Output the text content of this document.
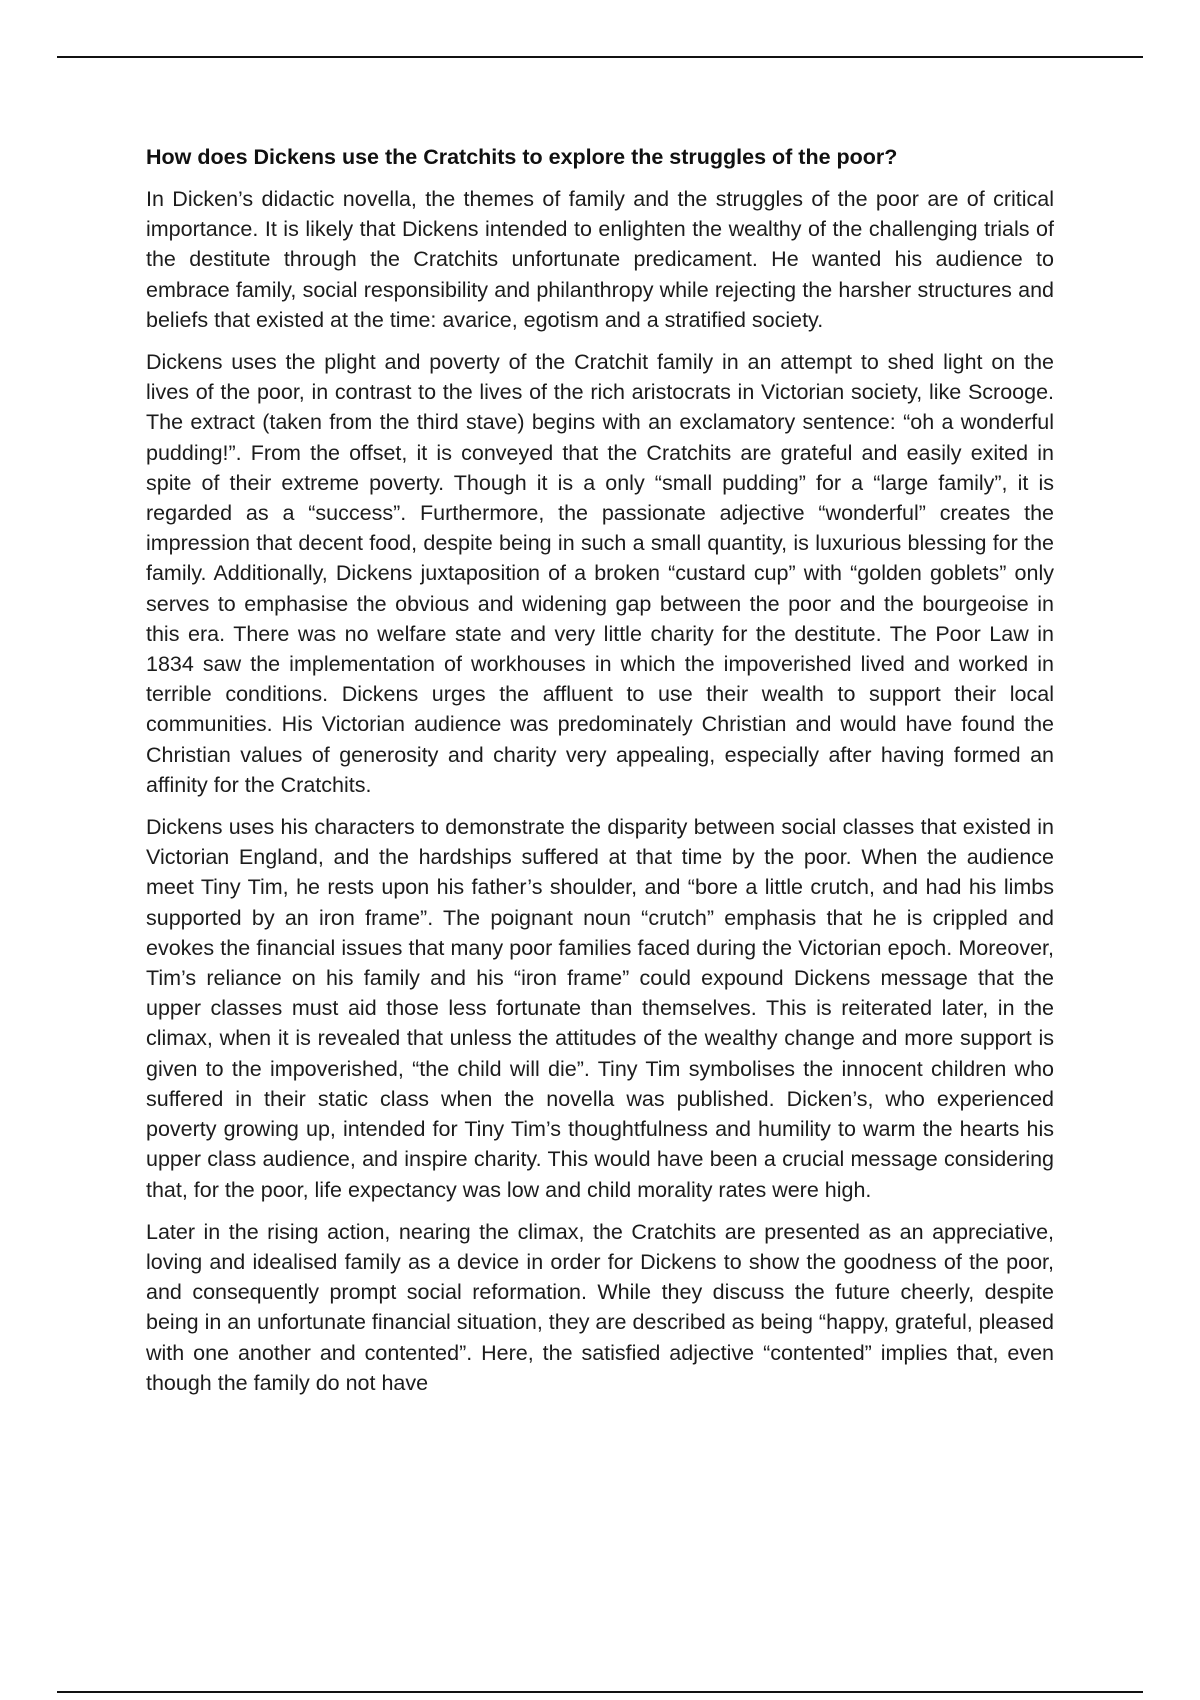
How does Dickens use the Cratchits to explore the struggles of the poor?

In Dicken’s didactic novella, the themes of family and the struggles of the poor are of critical importance. It is likely that Dickens intended to enlighten the wealthy of the challenging trials of the destitute through the Cratchits unfortunate predicament. He wanted his audience to embrace family, social responsibility and philanthropy while rejecting the harsher structures and beliefs that existed at the time: avarice, egotism and a stratified society.

Dickens uses the plight and poverty of the Cratchit family in an attempt to shed light on the lives of the poor, in contrast to the lives of the rich aristocrats in Victorian society, like Scrooge. The extract (taken from the third stave) begins with an exclamatory sentence: “oh a wonderful pudding!”. From the offset, it is conveyed that the Cratchits are grateful and easily exited in spite of their extreme poverty. Though it is a only “small pudding” for a “large family”, it is regarded as a “success”. Furthermore, the passionate adjective “wonderful” creates the impression that decent food, despite being in such a small quantity, is luxurious blessing for the family. Additionally, Dickens juxtaposition of a broken “custard cup” with “golden goblets” only serves to emphasise the obvious and widening gap between the poor and the bourgeoise in this era. There was no welfare state and very little charity for the destitute. The Poor Law in 1834 saw the implementation of workhouses in which the impoverished lived and worked in terrible conditions. Dickens urges the affluent to use their wealth to support their local communities. His Victorian audience was predominately Christian and would have found the Christian values of generosity and charity very appealing, especially after having formed an affinity for the Cratchits.

Dickens uses his characters to demonstrate the disparity between social classes that existed in Victorian England, and the hardships suffered at that time by the poor. When the audience meet Tiny Tim, he rests upon his father’s shoulder, and “bore a little crutch, and had his limbs supported by an iron frame”. The poignant noun “crutch” emphasis that he is crippled and evokes the financial issues that many poor families faced during the Victorian epoch. Moreover, Tim’s reliance on his family and his “iron frame” could expound Dickens message that the upper classes must aid those less fortunate than themselves. This is reiterated later, in the climax, when it is revealed that unless the attitudes of the wealthy change and more support is given to the impoverished, “the child will die”. Tiny Tim symbolises the innocent children who suffered in their static class when the novella was published. Dicken’s, who experienced poverty growing up, intended for Tiny Tim’s thoughtfulness and humility to warm the hearts his upper class audience, and inspire charity. This would have been a crucial message considering that, for the poor, life expectancy was low and child morality rates were high.

Later in the rising action, nearing the climax, the Cratchits are presented as an appreciative, loving and idealised family as a device in order for Dickens to show the goodness of the poor, and consequently prompt social reformation. While they discuss the future cheerly, despite being in an unfortunate financial situation, they are described as being “happy, grateful, pleased with one another and contented”. Here, the satisfied adjective “contented” implies that, even though the family do not have
